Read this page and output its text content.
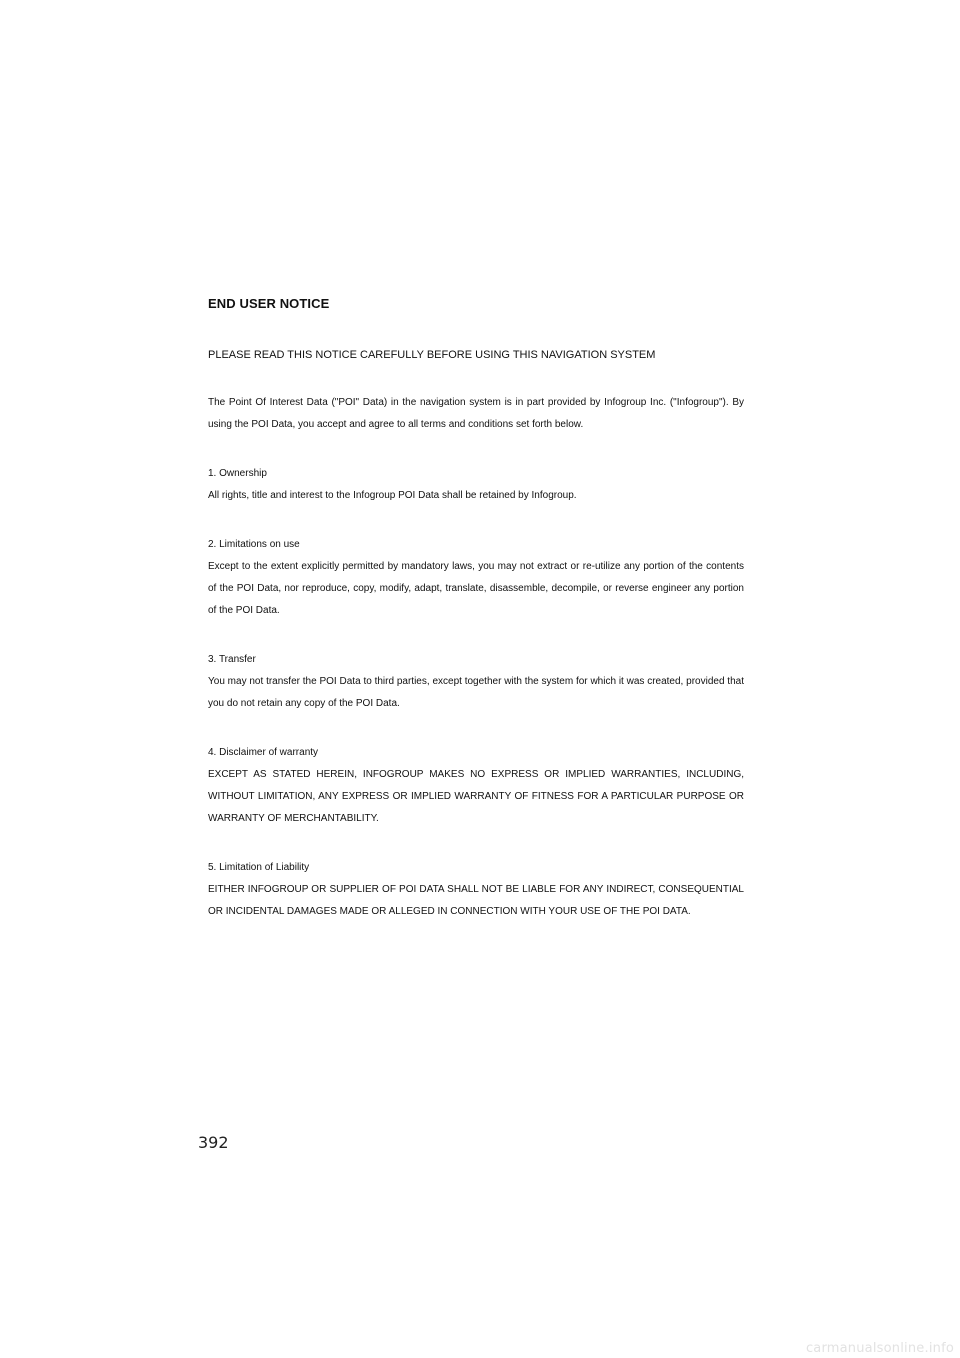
END USER NOTICE
PLEASE READ THIS NOTICE CAREFULLY BEFORE USING THIS NAVIGATION SYSTEM
The Point Of Interest Data ("POI" Data) in the navigation system is in part provided by Infogroup Inc. ("Infogroup"). By using the POI Data, you accept and agree to all terms and conditions set forth below.
1. Ownership
All rights, title and interest to the Infogroup POI Data shall be retained by Infogroup.
2. Limitations on use
Except to the extent explicitly permitted by mandatory laws, you may not extract or re-utilize any portion of the contents of the POI Data, nor reproduce, copy, modify, adapt, translate, disassemble, decompile, or reverse engineer any portion of the POI Data.
3. Transfer
You may not transfer the POI Data to third parties, except together with the system for which it was created, provided that you do not retain any copy of the POI Data.
4. Disclaimer of warranty
EXCEPT AS STATED HEREIN, INFOGROUP MAKES NO EXPRESS OR IMPLIED WARRANTIES, INCLUDING, WITHOUT LIMITATION, ANY EXPRESS OR IMPLIED WARRANTY OF FITNESS FOR A PARTICULAR PURPOSE OR WARRANTY OF MERCHANTABILITY.
5. Limitation of Liability
EITHER INFOGROUP OR SUPPLIER OF POI DATA SHALL NOT BE LIABLE FOR ANY INDIRECT, CONSEQUENTIAL OR INCIDENTAL DAMAGES MADE OR ALLEGED IN CONNECTION WITH YOUR USE OF THE POI DATA.
392
carmanualsonline.info
